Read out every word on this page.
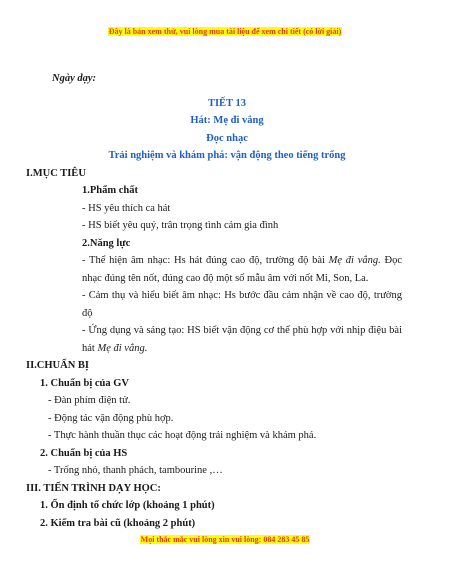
Đây là bản xem thử, vui lòng mua tài liệu để xem chi tiết (có lời giải)

Ngày dạy:

TIẾT 13

Hát: Mẹ đi vắng

Đọc nhạc

Trải nghiệm và khám phá: vận động theo tiếng trống

I.MỤC TIÊU

1.Phẩm chất

- HS yêu thích ca hát

- HS biết yêu quý, trân trọng tình cảm gia đình

2.Năng lực

- Thể hiện âm nhạc: Hs hát đúng cao độ, trường độ bài Mẹ đi vắng. Đọc nhạc đúng tên nốt, đúng cao độ một số mẫu âm với nốt Mi, Son, La.

- Cảm thụ và hiểu biết âm nhạc: Hs bước đầu cảm nhận về cao độ, trường độ

- Ứng dụng và sáng tạo: HS biết vận động cơ thể phù hợp với nhịp điệu bài hát Mẹ đi vắng.

II.CHUẨN BỊ

1. Chuẩn bị của GV

- Đàn phím điện tử.

- Động tác vận động phù hợp.

- Thực hành thuần thục các hoạt động trải nghiệm và khám phá.

2. Chuẩn bị của HS

- Trống nhỏ, thanh phách, tambourine ,…

III. TIẾN TRÌNH DẠY HỌC:

1. Ổn định tổ chức lớp (khoảng 1 phút)

2. Kiểm tra bài cũ (khoảng 2 phút)

Mọi thắc mắc vui lòng xin vui lòng: 084 283 45 85
